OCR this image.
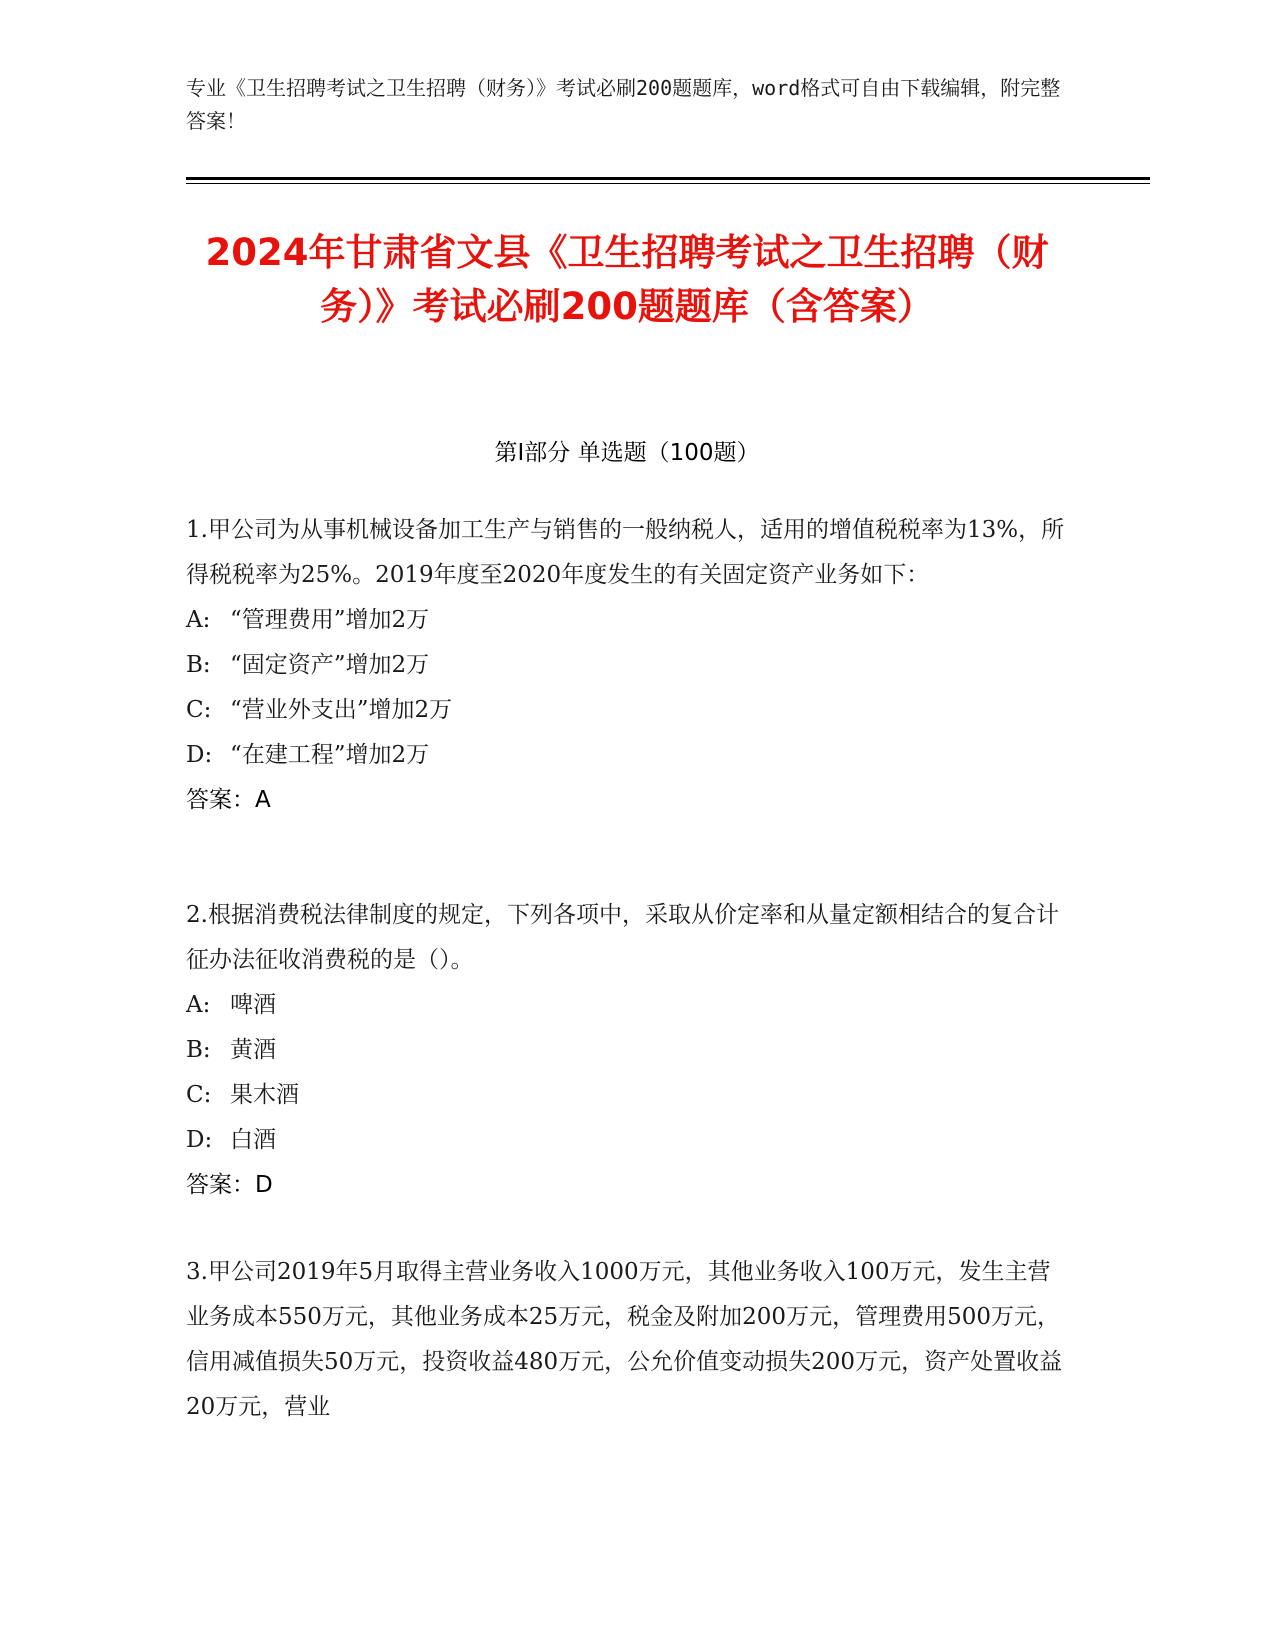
专业《卫生招聘考试之卫生招聘（财务）》考试必刷200题题库，word格式可自由下载编辑，附完整答案！
2024年甘肃省文县《卫生招聘考试之卫生招聘（财务）》考试必刷200题题库（含答案）
第I部分 单选题（100题）
1.甲公司为从事机械设备加工生产与销售的一般纳税人，适用的增值税税率为13%，所得税税率为25%。2019年度至2020年度发生的有关固定资产业务如下：
A: “管理费用”增加2万
B: “固定资产”增加2万
C: “营业外支出”增加2万
D: “在建工程”增加2万
答案：A
2.根据消费税法律制度的规定，下列各项中，采取从价定率和从量定额相结合的复合计征办法征收消费税的是（）。
A: 啤酒
B: 黄酒
C: 果木酒
D: 白酒
答案：D
3.甲公司2019年5月取得主营业务收入1000万元，其他业务收入100万元，发生主营业务成本550万元，其他业务成本25万元，税金及附加200万元，管理费用500万元，信用减值损失50万元，投资收益480万元，公允价值变动损失200万元，资产处置收益20万元，营业
